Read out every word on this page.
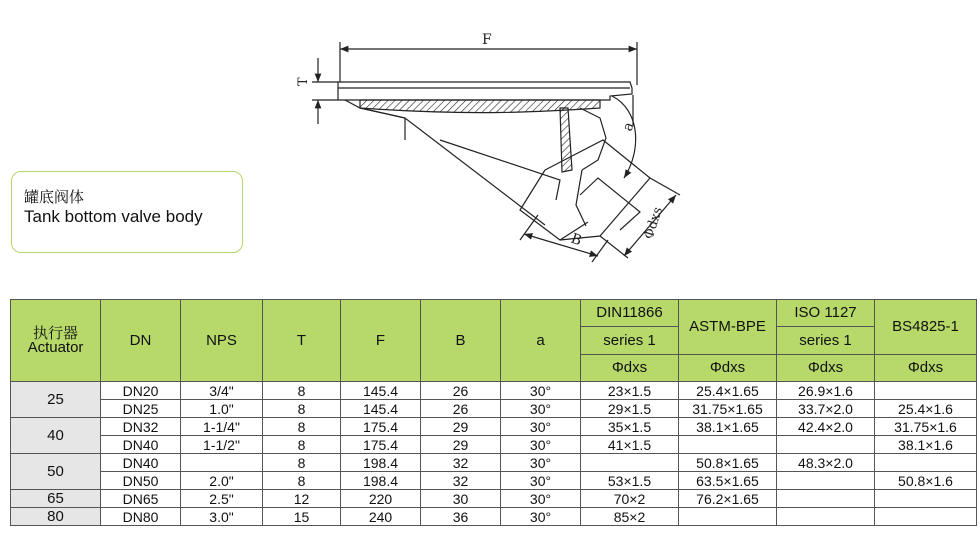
F
T
a
B	Φdxs
罐底阀体
Tank bottom valve body
执行器
Actuator	DN	NPS	T	F	B	a	DIN11866	ASTM-BPE	ISO 1127	BS4825-1
							series 1		series 1	
							Φdxs	Φdxs	Φdxs	Φdxs
25	DN20	3/4"	8	145.4	26	30°	23×1.5	25.4×1.65	26.9×1.6	
	DN25	1.0"	8	145.4	26	30°	29×1.5	31.75×1.65	33.7×2.0	25.4×1.6
40	DN32	1-1/4"	8	175.4	29	30°	35×1.5	38.1×1.65	42.4×2.0	31.75×1.6
	DN40	1-1/2"	8	175.4	29	30°	41×1.5			38.1×1.6
50	DN40		8	198.4	32	30°		50.8×1.65	48.3×2.0	
	DN50	2.0"	8	198.4	32	30°	53×1.5	63.5×1.65		50.8×1.6
65	DN65	2.5"	12	220	30	30°	70×2	76.2×1.65		
80	DN80	3.0"	15	240	36	30°	85×2			
